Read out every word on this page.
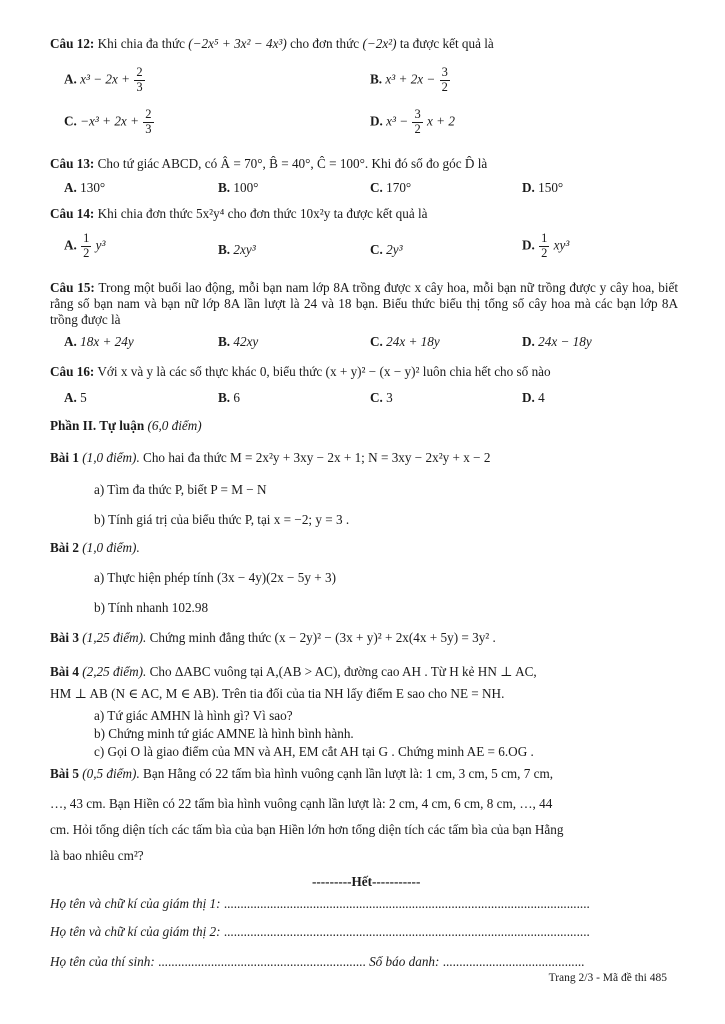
Câu 12: Khi chia đa thức (−2x⁵ + 3x² − 4x³) cho đơn thức (−2x²) ta được kết quả là
A. $x^3 - 2x + \frac{2}{3}$	B. $x^3 + 2x - \frac{3}{2}$
C. $-x^3 + 2x + \frac{2}{3}$	D. $x^3 - \frac{3}{2}$ x + 2
Câu 13: Cho tứ giác ABCD, có Â = 70°, B̂ = 40°, Ĉ = 100°. Khi đó số đo góc D̂ là
A. 130°	B. 100°	C. 170°	D. 150°
Câu 14: Khi chia đơn thức 5x²y⁴ cho đơn thức 10x²y ta được kết quả là
A. $\frac{1}{2} y^3$	B. 2xy³	C. 2y³	D. $\frac{1}{2} xy^3$
Câu 15: Trong một buổi lao động, mỗi bạn nam lớp 8A trồng được x cây hoa, mỗi bạn nữ trồng được y cây hoa, biết rằng số bạn nam và bạn nữ lớp 8A lần lượt là 24 và 18 bạn. Biểu thức biểu thị tổng số cây hoa mà các bạn lớp 8A trồng được là
A. 18x + 24y	B. 42xy	C. 24x + 18y	D. 24x − 18y
Câu 16: Với x và y là các số thực khác 0, biểu thức (x + y)² − (x − y)² luôn chia hết cho số nào
A. 5	B. 6	C. 3	D. 4
Phần II. Tự luận (6,0 điểm)
Bài 1 (1,0 điểm). Cho hai đa thức M = 2x²y + 3xy − 2x + 1; N = 3xy − 2x²y + x − 2
a) Tìm đa thức P, biết P = M − N
b) Tính giá trị của biểu thức P, tại x = −2; y = 3 .
Bài 2 (1,0 điểm).
a) Thực hiện phép tính (3x − 4y)(2x − 5y + 3)
b) Tính nhanh 102.98
Bài 3 (1,25 điểm). Chứng minh đẳng thức (x − 2y)² − (3x + y)² + 2x(4x + 5y) = 3y² .
Bài 4 (2,25 điểm). Cho ΔABC vuông tại A,(AB > AC), đường cao AH . Từ H kẻ HN ⊥ AC,
HM ⊥ AB (N ∈ AC, M ∈ AB). Trên tia đối của tia NH lấy điểm E sao cho NE = NH.
a) Tứ giác AMHN là hình gì? Vì sao?
b) Chứng minh tứ giác AMNE là hình bình hành.
c) Gọi O là giao điểm của MN và AH, EM cắt AH tại G . Chứng minh AE = 6.OG .
Bài 5 (0,5 điểm). Bạn Hằng có 22 tấm bìa hình vuông cạnh lần lượt là: 1 cm, 3 cm, 5 cm, 7 cm,
…, 43 cm. Bạn Hiền có 22 tấm bìa hình vuông cạnh lần lượt là: 2 cm, 4 cm, 6 cm, 8 cm, …, 44
cm. Hỏi tổng diện tích các tấm bìa của bạn Hiền lớn hơn tổng diện tích các tấm bìa của bạn Hằng
là bao nhiêu cm²?
---------Hết-----------
Họ tên và chữ kí của giám thị 1: ...............................................................................................................
Họ tên và chữ kí của giám thị 2: ...............................................................................................................
Họ tên của thí sinh: ............................................................... Số báo danh: ...........................................
Trang 2/3 - Mã đề thi 485
